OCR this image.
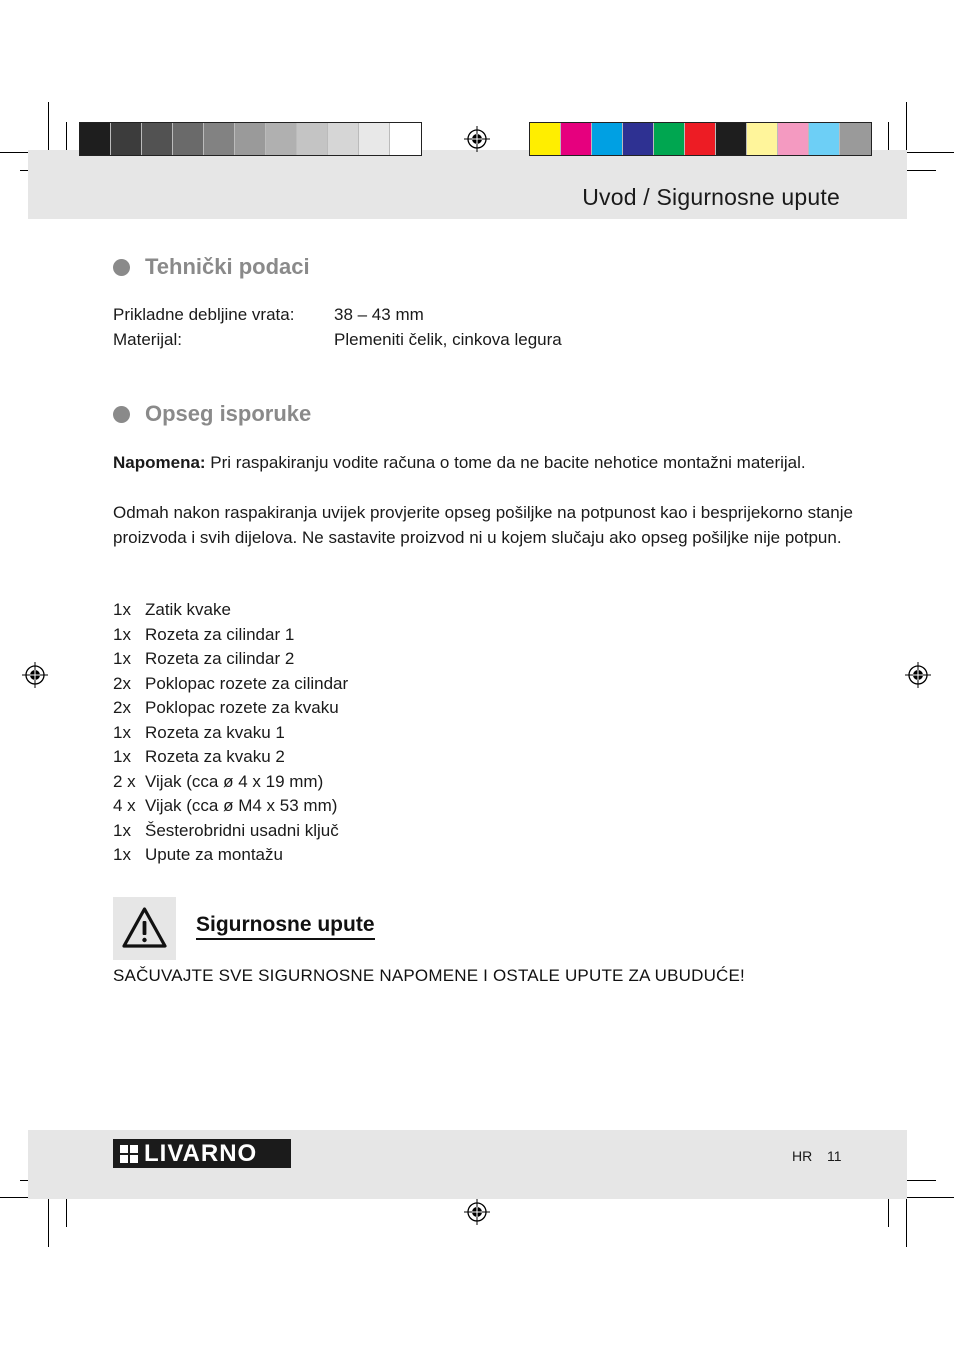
Uvod / Sigurnosne upute
Tehnički podaci
Prikladne debljine vrata: 38 – 43 mm
Materijal:	Plemeniti čelik, cinkova legura
Opseg isporuke
Napomena: Pri raspakiranju vodite računa o tome da ne bacite nehotice montažni materijal.
Odmah nakon raspakiranja uvijek provjerite opseg pošiljke na potpunost kao i besprijekorno stanje proizvoda i svih dijelova. Ne sastavite proizvod ni u kojem slučaju ako opseg pošiljke nije potpun.
1x Zatik kvake
1x Rozeta za cilindar 1
1x Rozeta za cilindar 2
2x Poklopac rozete za cilindar
2x Poklopac rozete za kvaku
1x Rozeta za kvaku 1
1x Rozeta za kvaku 2
2 x Vijak (cca ø 4 x 19 mm)
4 x Vijak (cca ø M4 x 53 mm)
1x Šesterobridni usadni ključ
1x Upute za montažu
Sigurnosne upute
SAČUVAJTE SVE SIGURNOSNE NAPOMENE I OSTALE UPUTE ZA UBUDUĆE!
LIVARNO	HR 11
